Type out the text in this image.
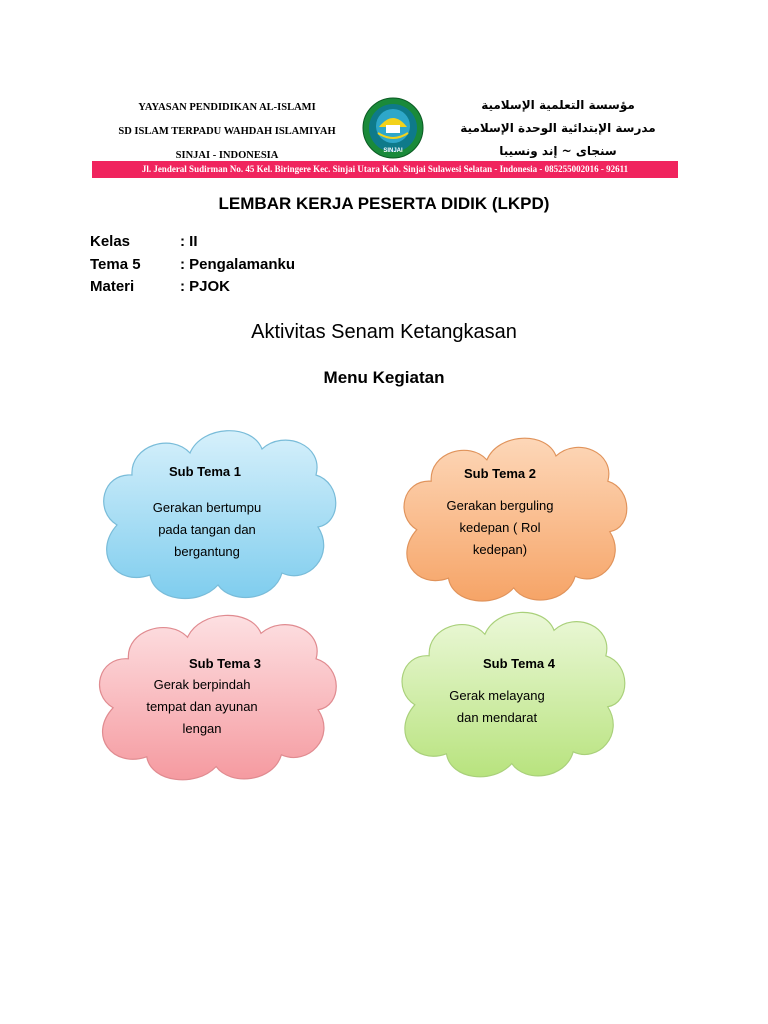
YAYASAN PENDIDIKAN AL-ISLAMI
SD ISLAM TERPADU WAHDAH ISLAMIYAH
SINJAI - INDONESIA	SINJAI
مؤسسة التعلمية الإسلامية
مدرسة الإبتدائية الوحدة الإسلامية
سنجاى ~ إند ونسيبا
Jl. Jenderal Sudirman No. 45 Kel. Biringere Kec. Sinjai Utara Kab. Sinjai Sulawesi Selatan - Indonesia - 085255002016 - 92611
LEMBAR KERJA PESERTA DIDIK (LKPD)
Kelas	: II
Tema 5	: Pengalamanku
Materi	: PJOK
Aktivitas Senam Ketangkasan
Menu Kegiatan
Sub Tema 1
Gerakan bertumpu
pada tangan dan
bergantung
Sub Tema 2
Gerakan berguling
kedepan ( Rol
kedepan)
Sub Tema 3
Gerak berpindah
tempat dan ayunan
lengan
Sub Tema 4
Gerak melayang
dan mendarat
